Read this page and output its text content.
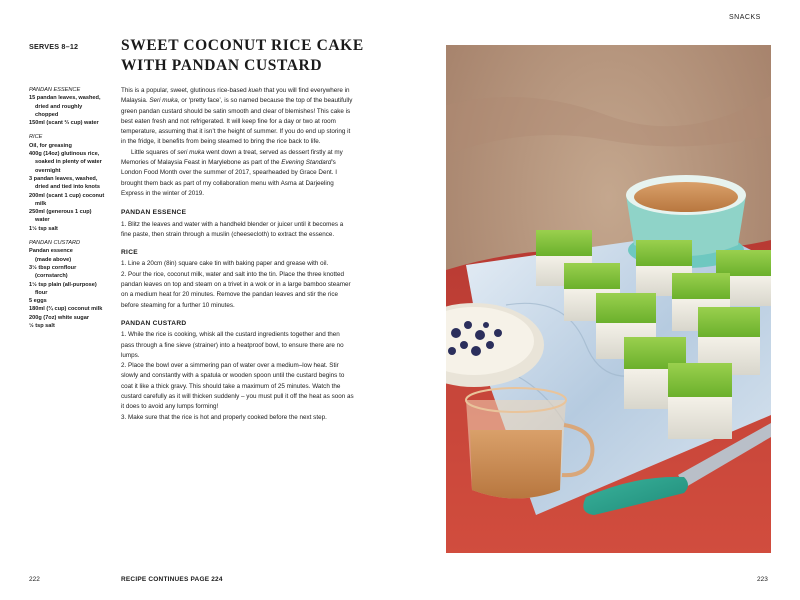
SNACKS
SERVES 8–12	SWEET COCONUT RICE CAKE
WITH PANDAN CUSTARD
PANDAN ESSENCE
15 pandan leaves, washed,
dried and roughly
chopped
150ml (scant ⅔ cup) water
RICE
Oil, for greasing
400g (14oz) glutinous rice,
soaked in plenty of water
overnight
3 pandan leaves, washed,
dried and tied into knots
200ml (scant 1 cup) coconut
milk
250ml (generous 1 cup)
water
1½ tsp salt
PANDAN CUSTARD
Pandan essence
(made above)
3½ tbsp cornflour
(cornstarch)
1½ tsp plain (all-purpose)
flour
5 eggs
180ml (¾ cup) coconut milk
200g (7oz) white sugar
½ tsp salt

This is a popular, sweet, glutinous rice-based kueh that you will find everywhere in Malaysia. Seri muka, or ‘pretty face’, is so named because the top of the beautifully green pandan custard should be satin smooth and clear of blemishes! This cake is best eaten fresh and not refrigerated. It will keep fine for a day or two at room temperature, assuming that it isn’t the height of summer. If you do end up storing it in the fridge, it benefits from being steamed to bring the rice back to life.

Little squares of seri muka went down a treat, served as dessert firstly at my Memories of Malaysia Feast in Marylebone as part of the Evening Standard’s London Food Month over the summer of 2017, spearheaded by Grace Dent. I brought them back as part of my collaboration menu with Asma at Darjeeling Express in the winter of 2019.

PANDAN ESSENCE

1. Blitz the leaves and water with a handheld blender or juicer until it becomes a fine paste, then strain through a muslin (cheesecloth) to extract the essence.

RICE

1. Line a 20cm (8in) square cake tin with baking paper and grease with oil.

2. Pour the rice, coconut milk, water and salt into the tin. Place the three knotted pandan leaves on top and steam on a trivet in a wok or in a large bamboo steamer on a medium heat for 20 minutes. Remove the pandan leaves and stir the rice before steaming for a further 10 minutes.

PANDAN CUSTARD

1. While the rice is cooking, whisk all the custard ingredients together and then pass through a fine sieve (strainer) into a heatproof bowl, to ensure there are no lumps.

2. Place the bowl over a simmering pan of water over a medium–low heat. Stir slowly and constantly with a spatula or wooden spoon until the custard begins to coat it like a thick gravy. This should take a maximum of 25 minutes. Watch the custard carefully as it will thicken suddenly – you must pull it off the heat as soon as it does to avoid any lumps forming!

3. Make sure that the rice is hot and properly cooked before the next step.

222	RECIPE CONTINUES PAGE 224	223
